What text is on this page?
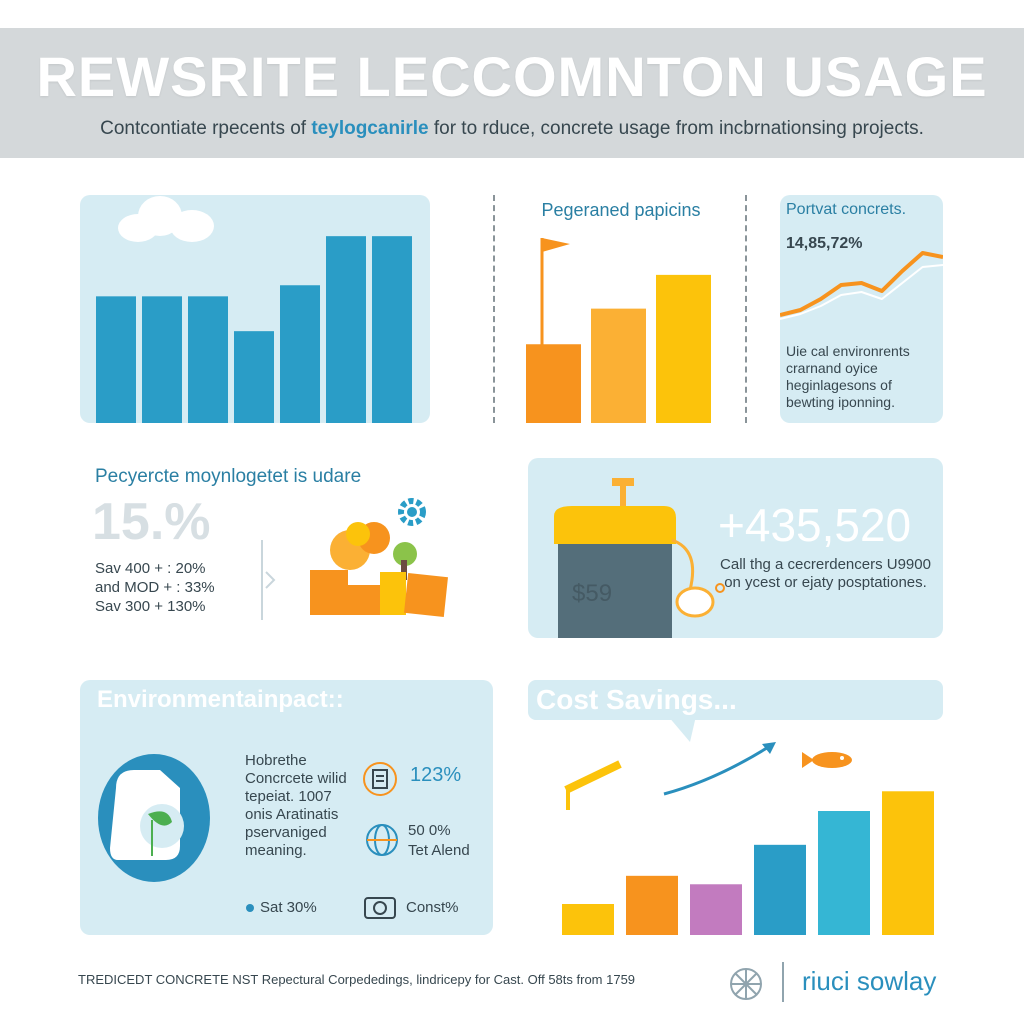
REWSRITE LECCOMNTON USAGE
Contcontiate rpecents of teylogcanirle for to rduce, concrete usage from incbrnationsing projects.
Pegeraned papicins	Portvat concrets.
14,85,72%
Uie cal environrents crarnand oyice heginlagesons of bewting iponning.
Pecyercte moynlogetet is udare
15.%
Sav 400 + : 20%
and MOD + : 33%
Sav 300 + 130%	$59
+435,520
Call thg a cecrerdencers U9900 on ycest or ejaty posptationes.
Environmentainpact::
Hobrethe Concrcete wilid tepeiat. 1007 onis Aratinatis pservaniged meaning.
123%
50 0%
Tet Alend
Sat 30%	Const%
Cost Savings...
TREDICEDT CONCRETE NST Repectural Corpededings, lindricepy for Cast. Off 58ts from 1759	riuci sowlay
